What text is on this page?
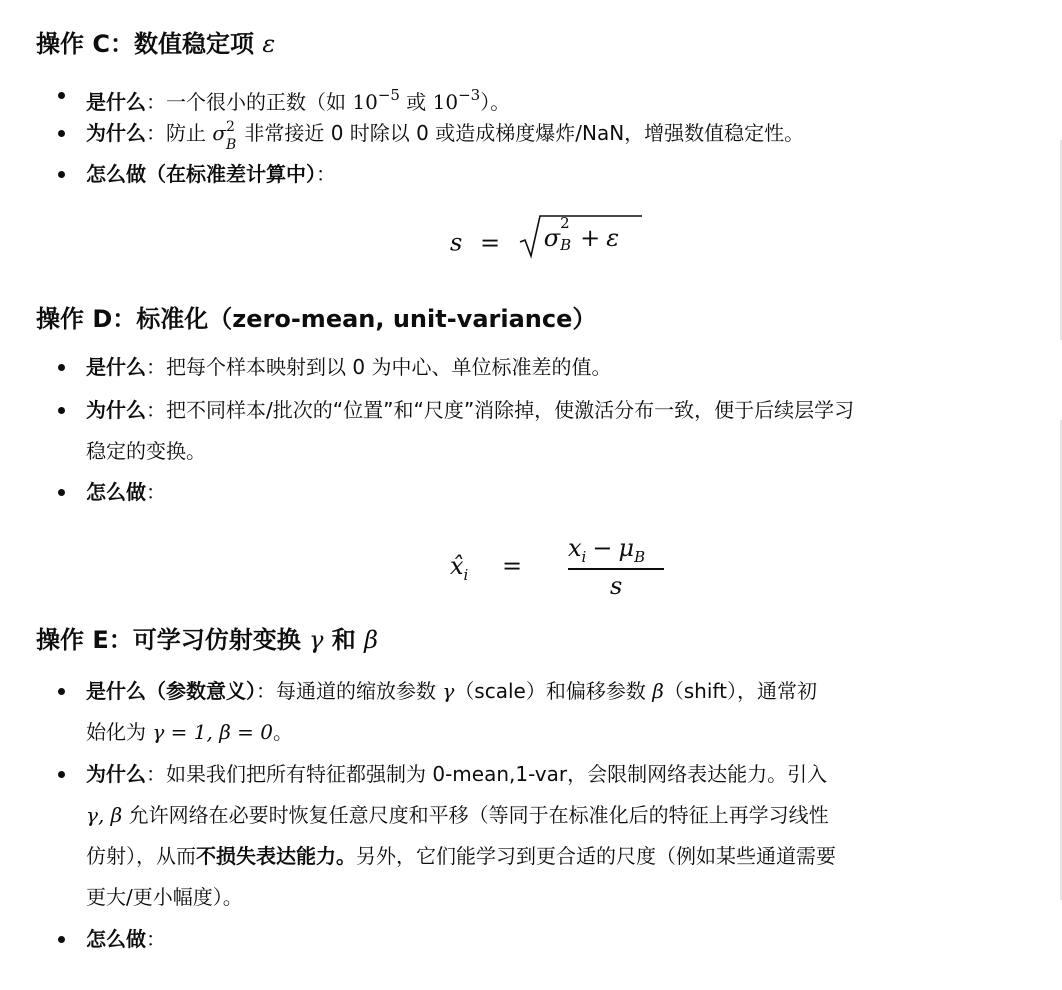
操作 C：数值稳定项 ε
是什么：一个很小的正数（如 $10^{-5}$ 或 $10^{-3}$）。
为什么：防止 σ 2
B 非常接近 0 时除以 0 或造成梯度爆炸/NaN，增强数值稳定性。
怎么做（在标准差计算中）：
s = σ
2
B + ε
操作 D：标准化（zero-mean, unit-variance）
是什么：把每个样本映射到以 0 为中心、单位标准差的值。
为什么：把不同样本/批次的“位置”和“尺度”消除掉，使激活分布一致，便于后续层学习
稳定的变换。
怎么做：
$x̂_i$ =
$x_i - \mu_B$
s
操作 E：可学习仿射变换 γ 和 β
是什么（参数意义）：每通道的缩放参数 γ（scale）和偏移参数 β（shift），通常初
始化为 γ = 1, β = 0。
为什么：如果我们把所有特征都强制为 0-mean,1-var，会限制网络表达能力。引入
γ, β 允许网络在必要时恢复任意尺度和平移（等同于在标准化后的特征上再学习线性
仿射），从而不损失表达能力。另外，它们能学习到更合适的尺度（例如某些通道需要
更大/更小幅度）。
怎么做：
